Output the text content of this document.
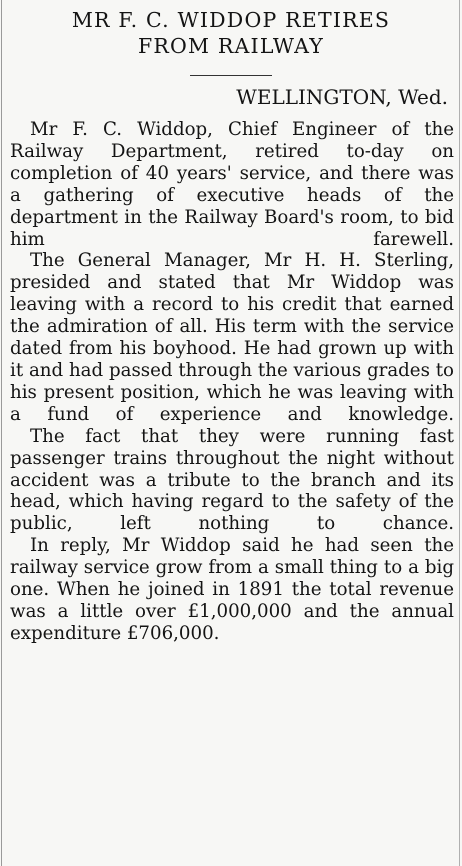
MR F. C. WIDDOP RETIRES
FROM RAILWAY
WELLINGTON, Wed.

Mr F. C. Widdop, Chief Engineer of the Railway Department, retired to-day on completion of 40 years' service, and there was a gathering of executive heads of the department in the Railway Board's room, to bid him farewell.

The General Manager, Mr H. H. Sterling, presided and stated that Mr Widdop was leaving with a record to his credit that earned the admiration of all. His term with the service dated from his boyhood. He had grown up with it and had passed through the various grades to his present position, which he was leaving with a fund of experience and knowledge.

The fact that they were running fast passenger trains throughout the night without accident was a tribute to the branch and its head, which having regard to the safety of the public, left nothing to chance.

In reply, Mr Widdop said he had seen the railway service grow from a small thing to a big one. When he joined in 1891 the total revenue was a little over £1,000,000 and the annual expenditure £706,000.
